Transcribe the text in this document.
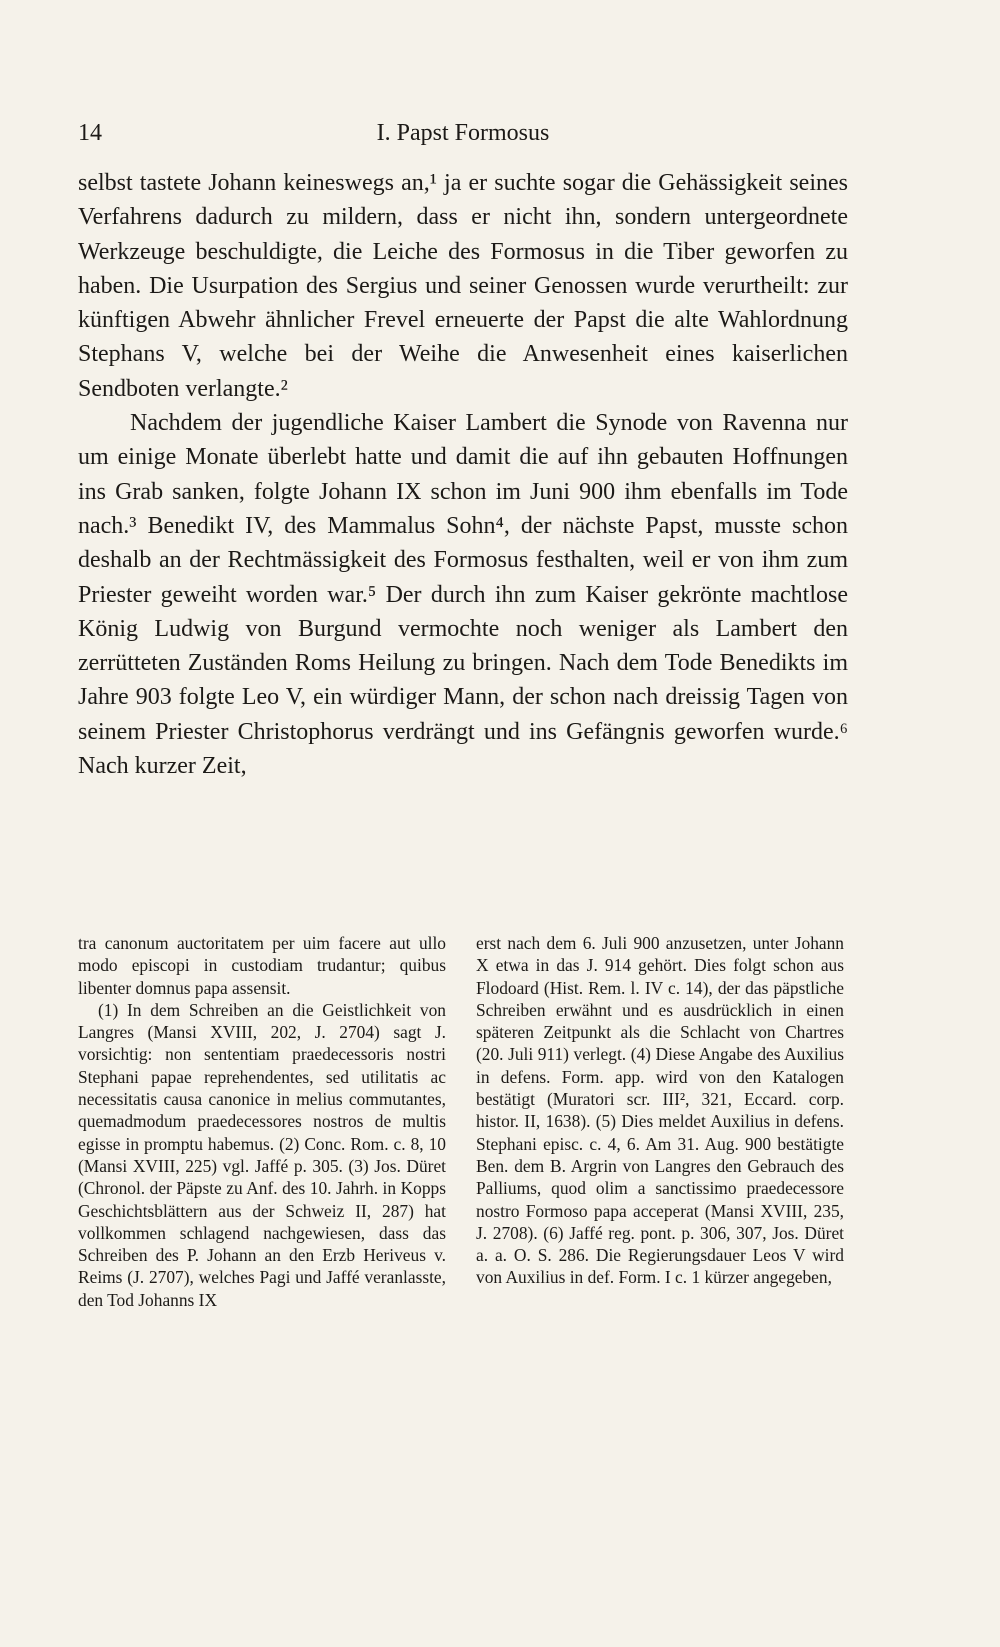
14	I. Papst Formosus

selbst tastete Johann keineswegs an,¹ ja er suchte sogar die Gehässigkeit seines Verfahrens dadurch zu mildern, dass er nicht ihn, sondern untergeordnete Werkzeuge beschuldigte, die Leiche des Formosus in die Tiber geworfen zu haben. Die Usurpation des Sergius und seiner Genossen wurde verurtheilt: zur künftigen Abwehr ähnlicher Frevel erneuerte der Papst die alte Wahlordnung Stephans V, welche bei der Weihe die Anwesenheit eines kaiserlichen Sendboten verlangte.²

Nachdem der jugendliche Kaiser Lambert die Synode von Ravenna nur um einige Monate überlebt hatte und damit die auf ihn gebauten Hoffnungen ins Grab sanken, folgte Johann IX schon im Juni 900 ihm ebenfalls im Tode nach.³ Benedikt IV, des Mammalus Sohn⁴, der nächste Papst, musste schon deshalb an der Rechtmässigkeit des Formosus festhalten, weil er von ihm zum Priester geweiht worden war.⁵ Der durch ihn zum Kaiser gekrönte machtlose König Ludwig von Burgund vermochte noch weniger als Lambert den zerrütteten Zuständen Roms Heilung zu bringen. Nach dem Tode Benedikts im Jahre 903 folgte Leo V, ein würdiger Mann, der schon nach dreissig Tagen von seinem Priester Christophorus verdrängt und ins Gefängnis geworfen wurde.⁶ Nach kurzer Zeit,

tra canonum auctoritatem per uim facere aut ullo modo episcopi in custodiam trudantur; quibus libenter domnus papa assensit.

(1) In dem Schreiben an die Geistlichkeit von Langres (Mansi XVIII, 202, J. 2704) sagt J. vorsichtig: non sententiam praedecessoris nostri Stephani papae reprehendentes, sed utilitatis ac necessitatis causa canonice in melius commutantes, quemadmodum praedecessores nostros de multis egisse in promptu habemus. (2) Conc. Rom. c. 8, 10 (Mansi XVIII, 225) vgl. Jaffé p. 305. (3) Jos. Düret (Chronol. der Päpste zu Anf. des 10. Jahrh. in Kopps Geschichtsblättern aus der Schweiz II, 287) hat vollkommen schlagend nachgewiesen, dass das Schreiben des P. Johann an den Erzb Heriveus v. Reims (J. 2707), welches Pagi und Jaffé veranlasste, den Tod Johanns IX

erst nach dem 6. Juli 900 anzusetzen, unter Johann X etwa in das J. 914 gehört. Dies folgt schon aus Flodoard (Hist. Rem. l. IV c. 14), der das päpstliche Schreiben erwähnt und es ausdrücklich in einen späteren Zeitpunkt als die Schlacht von Chartres (20. Juli 911) verlegt. (4) Diese Angabe des Auxilius in defens. Form. app. wird von den Katalogen bestätigt (Muratori scr. III², 321, Eccard. corp. histor. II, 1638). (5) Dies meldet Auxilius in defens. Stephani episc. c. 4, 6. Am 31. Aug. 900 bestätigte Ben. dem B. Argrin von Langres den Gebrauch des Palliums, quod olim a sanctissimo praedecessore nostro Formoso papa acceperat (Mansi XVIII, 235, J. 2708). (6) Jaffé reg. pont. p. 306, 307, Jos. Düret a. a. O. S. 286. Die Regierungsdauer Leos V wird von Auxilius in def. Form. I c. 1 kürzer angegeben,
